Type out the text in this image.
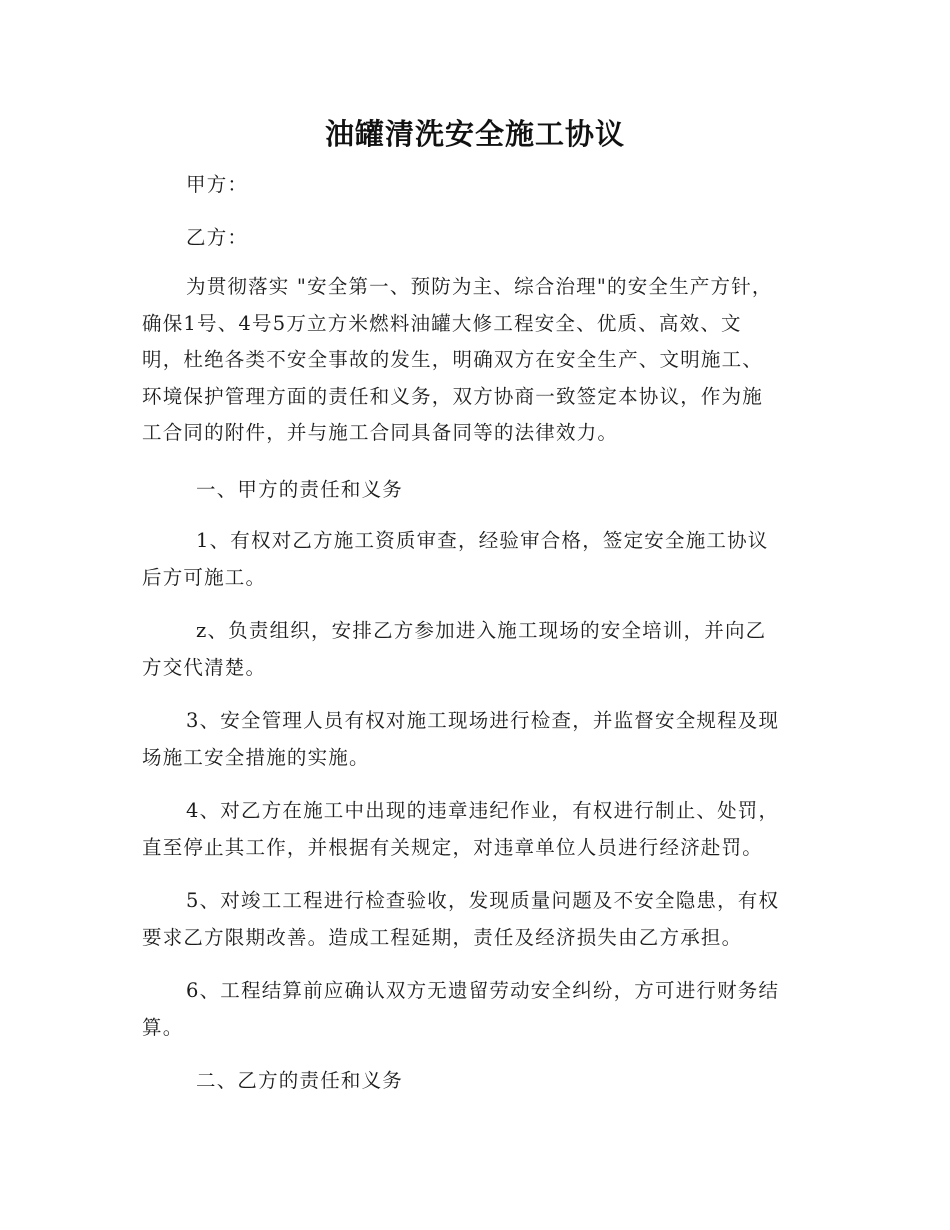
油罐清洗安全施工协议

甲方：

乙方：

为贯彻落实 "安全第一、预防为主、综合治理"的安全生产方针，
确保1号、4号5万立方米燃料油罐大修工程安全、优质、高效、文
明，杜绝各类不安全事故的发生，明确双方在安全生产、文明施工、
环境保护管理方面的责任和义务，双方协商一致签定本协议，作为施
工合同的附件，并与施工合同具备同等的法律效力。

一、甲方的责任和义务

1、有权对乙方施工资质审查，经验审合格，签定安全施工协议
后方可施工。
z、负责组织，安排乙方参加进入施工现场的安全培训，并向乙
方交代清楚。
3、安全管理人员有权对施工现场进行检查，并监督安全规程及现
场施工安全措施的实施。
4、对乙方在施工中出现的违章违纪作业，有权进行制止、处罚，
直至停止其工作，并根据有关规定，对违章单位人员进行经济赴罚。
5、对竣工工程进行检查验收，发现质量问题及不安全隐患，有权
要求乙方限期改善。造成工程延期，责任及经济损失由乙方承担。
6、工程结算前应确认双方无遗留劳动安全纠纷，方可进行财务结
算。

二、乙方的责任和义务
